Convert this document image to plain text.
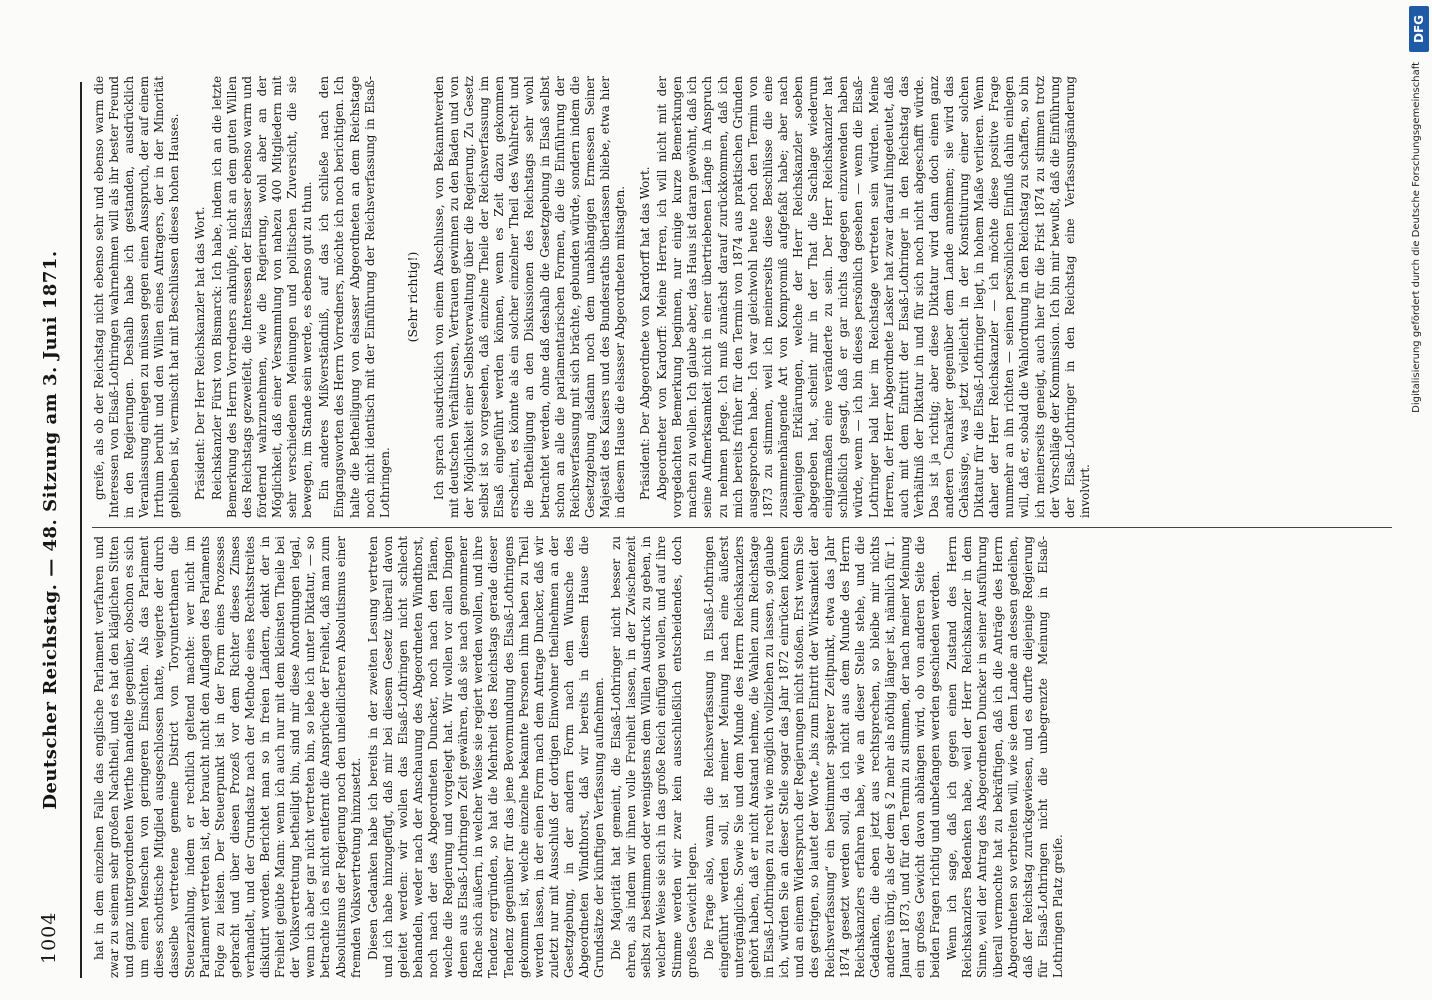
1004
Deutscher Reichstag. — 48. Sitzung am 3. Juni 1871.	hat in dem einzelnen Falle das englische Parlament verfahren und zwar zu seinem sehr großen Nachtheil, und es hat den kläglichen Sitten und ganz untergeordneten Werthe handelte gegenüber, obschon es sich um einen Menschen von geringeren Einsichten. Als das Parlament dieses schottische Mitglied ausgeschlossen hatte, weigerte der durch dasselbe vertretene gemeine District von Toryunterthanen die Steuerzahlung, indem er rechtlich geltend machte: wer nicht im Parlament vertreten ist, der braucht nicht den Auflagen des Parlaments Folge zu leisten. Der Steuerpunkt ist in der Form eines Prozesses gebracht und über diesen Prozeß vor dem Richter dieses Zinses verhandelt, und der Grundsatz nach der Methode eines Rechtsstreites diskutirt worden. Berichtet man so in freien Ländern, denkt der in Freiheit geübte Mann: wenn ich auch nur mit dem kleinsten Theile bei der Volksvertretung betheiligt bin, sind mir diese Anordnungen legal, wenn ich aber gar nicht vertreten bin, so lebe ich unter Diktatur, — so betrachte ich es nicht entfernt die Ansprüche der Freiheit, daß man zum Absolutismus der Regierung noch den unleidlicheren Absolutismus einer fremden Volksvertretung hinzusetzt. Diesen Gedanken habe ich bereits in der zweiten Lesung vertreten und ich habe hinzugefügt, daß mir bei diesem Gesetz überall davon geleitet werden: wir wollen das Elsaß-Lothringen nicht schlecht behandeln, weder nach der Anschauung des Abgeordneten Windthorst, noch nach der des Abgeordneten Duncker, noch nach den Plänen, welche die Regierung und vorgelegt hat. Wir wollen vor allen Dingen denen aus Elsaß-Lothringen Zeit gewähren, daß sie nach genommener Rache sich äußern, in welcher Weise sie regiert werden wollen, und ihre Tendenz ergründen, so hat die Mehrheit des Reichstags gerade dieser Tendenz gegenüber für das jene Bevormundung des Elsaß-Lothringens gekommen ist, welche einzelne bekannte Personen ihm haben zu Theil werden lassen, in der einen Form nach dem Antrage Duncker, daß wir zuletzt nur mit Ausschluß der dortigen Einwohner theilnehmen an der Gesetzgebung, in der andern Form nach dem Wunsche des Abgeordneten Windthorst, daß wir bereits in diesem Hause die Grundsätze der künftigen Verfassung aufnehmen. Die Majorität hat gemeint, die Elsaß-Lothringer nicht besser zu ehren, als indem wir ihnen volle Freiheit lassen, in der Zwischenzeit selbst zu bestimmen oder wenigstens dem Willen Ausdruck zu geben, in welcher Weise sie sich in das große Reich einfügen wollen, und auf ihre Stimme werden wir zwar kein ausschließlich entscheidendes, doch großes Gewicht legen. Die Frage also, wann die Reichsverfassung in Elsaß-Lothringen eingeführt werden soll, ist meiner Meinung nach eine äußerst untergängliche. Sowie Sie und dem Munde des Herrn Reichskanzlers gehört haben, daß er nicht Anstand nehme, die Wahlen zum Reichstage in Elsaß-Lothringen zu recht wie möglich vollziehen zu lassen, so glaube ich, würden Sie an dieser Stelle sogar das Jahr 1872 einrücken können und an einem Widerspruch der Regierungen nicht stoßen. Erst wenn Sie des gestrigen, so lautet der Worte „bis zum Eintritt der Wirksamkeit der Reichsverfassung“ ein bestimmter späterer Zeitpunkt, etwa das Jahr 1874 gesetzt werden soll, da ich nicht aus dem Munde des Herrn Reichskanzlers erfahren habe, wie an dieser Stelle stehe, und die Gedanken, die eben jetzt aus rechtsprechen, so bleibe mir nichts anderes übrig, als der dem § 2 mehr als nöthig länger ist, nämlich für 1. Januar 1873, und für den Termin zu stimmen, der nach meiner Meinung ein großes Gewicht davon abhängen wird, ob von anderen Seite die beiden Fragen richtig und unbefangen werden geschieden werden. Wenn ich sage, daß ich gegen einen Zustand des Herrn Reichskanzlers Bedenken habe, weil der Herr Reichskanzler in dem Sinne, weil der Antrag des Abgeordneten Duncker in seiner Ausführung überall vermochte hat zu bekräftigen, daß ich die Anträge des Herrn Abgeordneten so verbreiten will, wie sie dem Lande an dessen gedeihen, daß der Reichstag zurückgewiesen, und es durfte diejenige Regierung für Elsaß-Lothringen nicht die unbegrenzte Meinung in Elsaß-Lothringen Platz greife.

greife, als ob der Reichstag nicht ebenso sehr und ebenso warm die Interessen von Elsaß-Lothringen wahrnehmen will als ihr bester Freund in den Regierungen. Deshalb habe ich gestanden, ausdrücklich Veranlassung einlegen zu müssen gegen einen Ausspruch, der auf einem Irrthum beruht und den Willen eines Antragers, der in der Minorität geblieben ist, vermischt hat mit Beschlüssen dieses hohen Hauses. Präsident: Der Herr Reichskanzler hat das Wort. Reichskanzler Fürst von Bismarck: Ich habe, indem ich an die letzte Bemerkung des Herrn Vorredners anknüpfe, nicht an dem guten Willen des Reichstags gezweifelt, die Interessen der Elsasser ebenso warm und fördernd wahrzunehmen, wie die Regierung, wohl aber an der Möglichkeit, daß einer Versammlung von nahezu 400 Mitgliedern mit sehr verschiedenen Meinungen und politischen Zuversicht, die sie bewegen, im Stande sein werde, es ebenso gut zu thun. Ein anderes Mißverständniß, auf das ich schließe nach den Eingangsworten des Herrn Vorredners, möchte ich noch berichtigen. Ich halte die Betheiligung von elsasser Abgeordneten an dem Reichstage noch nicht identisch mit der Einführung der Reichsverfassung in Elsaß-Lothringen.

(Sehr richtig!) Ich sprach ausdrücklich von einem Abschlusse, von Bekanntwerden mit deutschen Verhältnissen, Vertrauen gewinnen zu den Baden und von der Möglichkeit einer Selbstverwaltung über die Regierung. Zu Gesetz selbst ist so vorgesehen, daß einzelne Theile der Reichsverfassung im Elsaß eingeführt werden können, wenn es Zeit dazu gekommen erscheint, es könnte als ein solcher einzelner Theil des Wahlrecht und die Betheiligung an den Diskussionen des Reichstags sehr wohl betrachtet werden, ohne daß deshalb die Gesetzgebung in Elsaß selbst schon an alle die parlamentarischen Formen, die die Einführung der Reichsverfassung mit sich brächte, gebunden würde, sondern indem die Gesetzgebung alsdann noch dem unabhängigen Ermessen Seiner Majestät des Kaisers und des Bundesraths überlassen bliebe, etwa hier in diesem Hause die elsasser Abgeordneten mitsagten. Präsident: Der Abgeordnete von Kardorff hat das Wort. Abgeordneter von Kardorff: Meine Herren, ich will nicht mit der vorgedachten Bemerkung beginnen, nur einige kurze Bemerkungen machen zu wollen. Ich glaube aber, das Haus ist daran gewöhnt, daß ich seine Aufmerksamkeit nicht in einer übertriebenen Länge in Anspruch zu nehmen pflege. Ich muß zunächst darauf zurückkommen, daß ich mich bereits früher für den Termin von 1874 aus praktischen Gründen ausgesprochen habe. Ich war gleichwohl heute noch den Termin von 1873 zu stimmen, weil ich meinerseits diese Beschlüsse die eine zusammenhängende Art von Kompromiß aufgefaßt habe; aber nach denjenigen Erklärungen, welche der Herr Reichskanzler soeben abgegeben hat, scheint mir in der That die Sachlage wiederum einigermaßen eine veränderte zu sein. Der Herr Reichskanzler hat schließlich gesagt, daß er gar nichts dagegen einzuwenden haben würde, wenn — ich bin dieses persönlich gesehen — wenn die Elsaß-Lothringer bald hier im Reichstage vertreten sein würden. Meine Herren, der Herr Abgeordnete Lasker hat zwar darauf hingedeutet, daß auch mit dem Eintritt der Elsaß-Lothringer in den Reichstag das Verhältniß der Diktatur in und für sich noch nicht abgeschafft würde. Das ist ja richtig; aber diese Diktatur wird dann doch einen ganz anderen Charakter gegenüber dem Lande annehmen; sie wird das Gehässige, was jetzt vielleicht in der Konstituirung einer solchen Diktatur für die Elsaß-Lothringer liegt, in hohem Maße verlieren. Wenn daher der Herr Reichskanzler — ich möchte diese positive Frage nunmehr an ihn richten — seinen persönlichen Einfluß dahin einlegen will, daß er, sobald die Wahlordnung in den Reichstag zu schaffen, so bin ich meinerseits geneigt, auch hier für die Frist 1874 zu stimmen trotz der Vorschläge der Kommission. Ich bin mir bewußt, daß die Einführung der Elsaß-Lothringer in den Reichstag eine Verfassungsänderung involvirt.

Digitalisierung gefördert durch die Deutsche Forschungsgemeinschaft
DFG
